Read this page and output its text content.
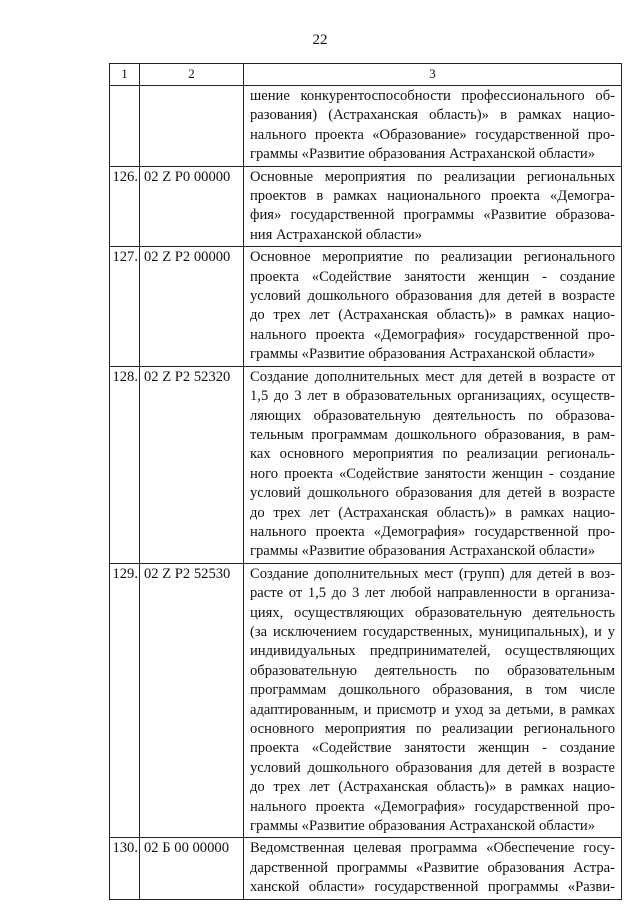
22
1	2	3
шение конкурентоспособности профессионального об-
разования) (Астраханская область)» в рамках нацио-
нального проекта «Образование» государственной про-
граммы «Развитие образования Астраханской области»
126. 02 Z P0 00000	Основные мероприятия по реализации региональных
проектов в рамках национального проекта «Демогра-
фия» государственной программы «Развитие образова-
ния Астраханской области»
127. 02 Z P2 00000	Основное мероприятие по реализации регионального
проекта «Содействие занятости женщин - создание
условий дошкольного образования для детей в возрасте
до трех лет (Астраханская область)» в рамках нацио-
нального проекта «Демография» государственной про-
граммы «Развитие образования Астраханской области»
128. 02 Z P2 52320	Создание дополнительных мест для детей в возрасте от
1,5 до 3 лет в образовательных организациях, осуществ-
ляющих образовательную деятельность по образова-
тельным программам дошкольного образования, в рам-
ках основного мероприятия по реализации региональ-
ного проекта «Содействие занятости женщин - создание
условий дошкольного образования для детей в возрасте
до трех лет (Астраханская область)» в рамках нацио-
нального проекта «Демография» государственной про-
граммы «Развитие образования Астраханской области»
129. 02 Z P2 52530	Создание дополнительных мест (групп) для детей в воз-
расте от 1,5 до 3 лет любой направленности в организа-
циях, осуществляющих образовательную деятельность
(за исключением государственных, муниципальных), и у
индивидуальных предпринимателей, осуществляющих
образовательную деятельность по образовательным
программам дошкольного образования, в том числе
адаптированным, и присмотр и уход за детьми, в рамках
основного мероприятия по реализации регионального
проекта «Содействие занятости женщин - создание
условий дошкольного образования для детей в возрасте
до трех лет (Астраханская область)» в рамках нацио-
нального проекта «Демография» государственной про-
граммы «Развитие образования Астраханской области»
130. 02 Б 00 00000	Ведомственная целевая программа «Обеспечение госу-
дарственной программы «Развитие образования Астра-
ханской области» государственной программы «Разви-
